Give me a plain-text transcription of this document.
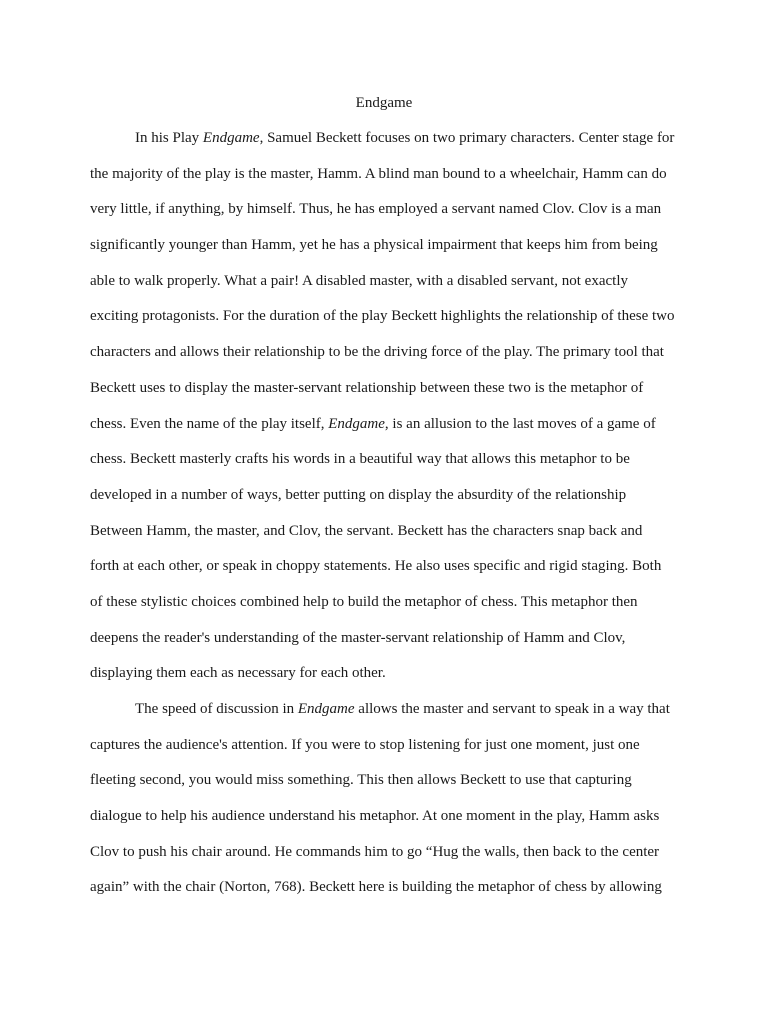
Endgame
In his Play Endgame, Samuel Beckett focuses on two primary characters. Center stage for
the majority of the play is the master, Hamm. A blind man bound to a wheelchair, Hamm can do
very little, if anything, by himself. Thus, he has employed a servant named Clov. Clov is a man
significantly younger than Hamm, yet he has a physical impairment that keeps him from being
able to walk properly. What a pair! A disabled master, with a disabled servant, not exactly
exciting protagonists. For the duration of the play Beckett highlights the relationship of these two
characters and allows their relationship to be the driving force of the play. The primary tool that
Beckett uses to display the master-servant relationship between these two is the metaphor of
chess. Even the name of the play itself, Endgame, is an allusion to the last moves of a game of
chess. Beckett masterly crafts his words in a beautiful way that allows this metaphor to be
developed in a number of ways, better putting on display the absurdity of the relationship
Between Hamm, the master, and Clov, the servant. Beckett has the characters snap back and
forth at each other, or speak in choppy statements. He also uses specific and rigid staging. Both
of these stylistic choices combined help to build the metaphor of chess. This metaphor then
deepens the reader's understanding of the master-servant relationship of Hamm and Clov,
displaying them each as necessary for each other.
The speed of discussion in Endgame allows the master and servant to speak in a way that
captures the audience's attention. If you were to stop listening for just one moment, just one
fleeting second, you would miss something. This then allows Beckett to use that capturing
dialogue to help his audience understand his metaphor. At one moment in the play, Hamm asks
Clov to push his chair around. He commands him to go “Hug the walls, then back to the center
again” with the chair (Norton, 768). Beckett here is building the metaphor of chess by allowing
